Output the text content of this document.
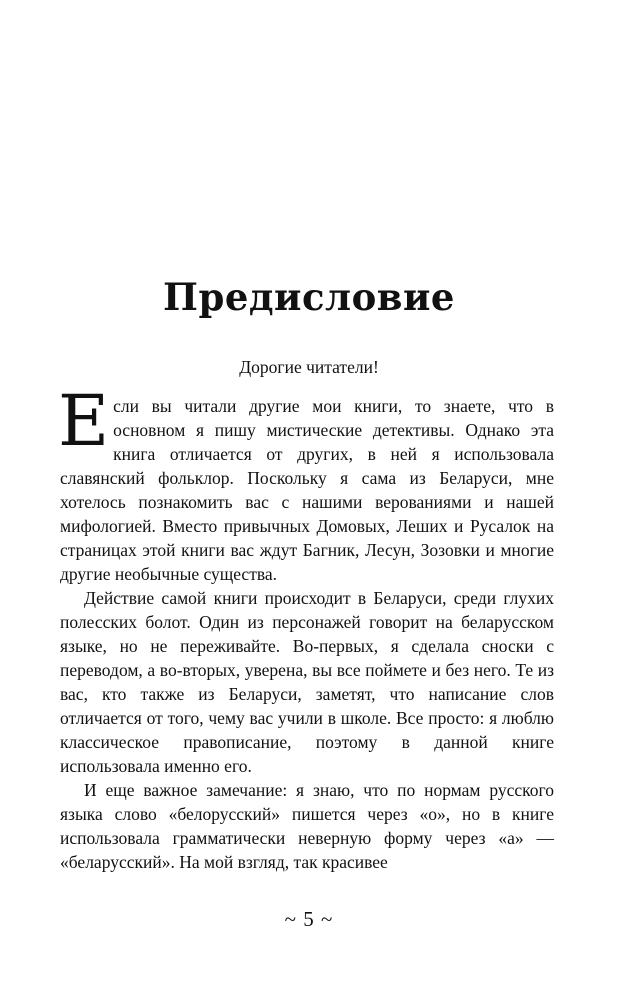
Предисловие

Дорогие читатели!

Если вы читали другие мои книги, то знаете, что в основном я пишу мистические детективы. Однако эта книга отличается от других, в ней я использовала славянский фольклор. Поскольку я сама из Беларуси, мне хотелось познакомить вас с нашими верованиями и нашей мифологией. Вместо привычных Домовых, Леших и Русалок на страницах этой книги вас ждут Багник, Лесун, Зозовки и многие другие необычные существа.

Действие самой книги происходит в Беларуси, среди глухих полесских болот. Один из персонажей говорит на беларусском языке, но не переживайте. Во-первых, я сделала сноски с переводом, а во-вторых, уверена, вы все поймете и без него. Те из вас, кто также из Беларуси, заметят, что написание слов отличается от того, чему вас учили в школе. Все просто: я люблю классическое правописание, поэтому в данной книге использовала именно его.

И еще важное замечание: я знаю, что по нормам русского языка слово «белорусский» пишется через «о», но в книге использовала грамматически неверную форму через «а» — «беларусский». На мой взгляд, так красивее

~ 5 ~
